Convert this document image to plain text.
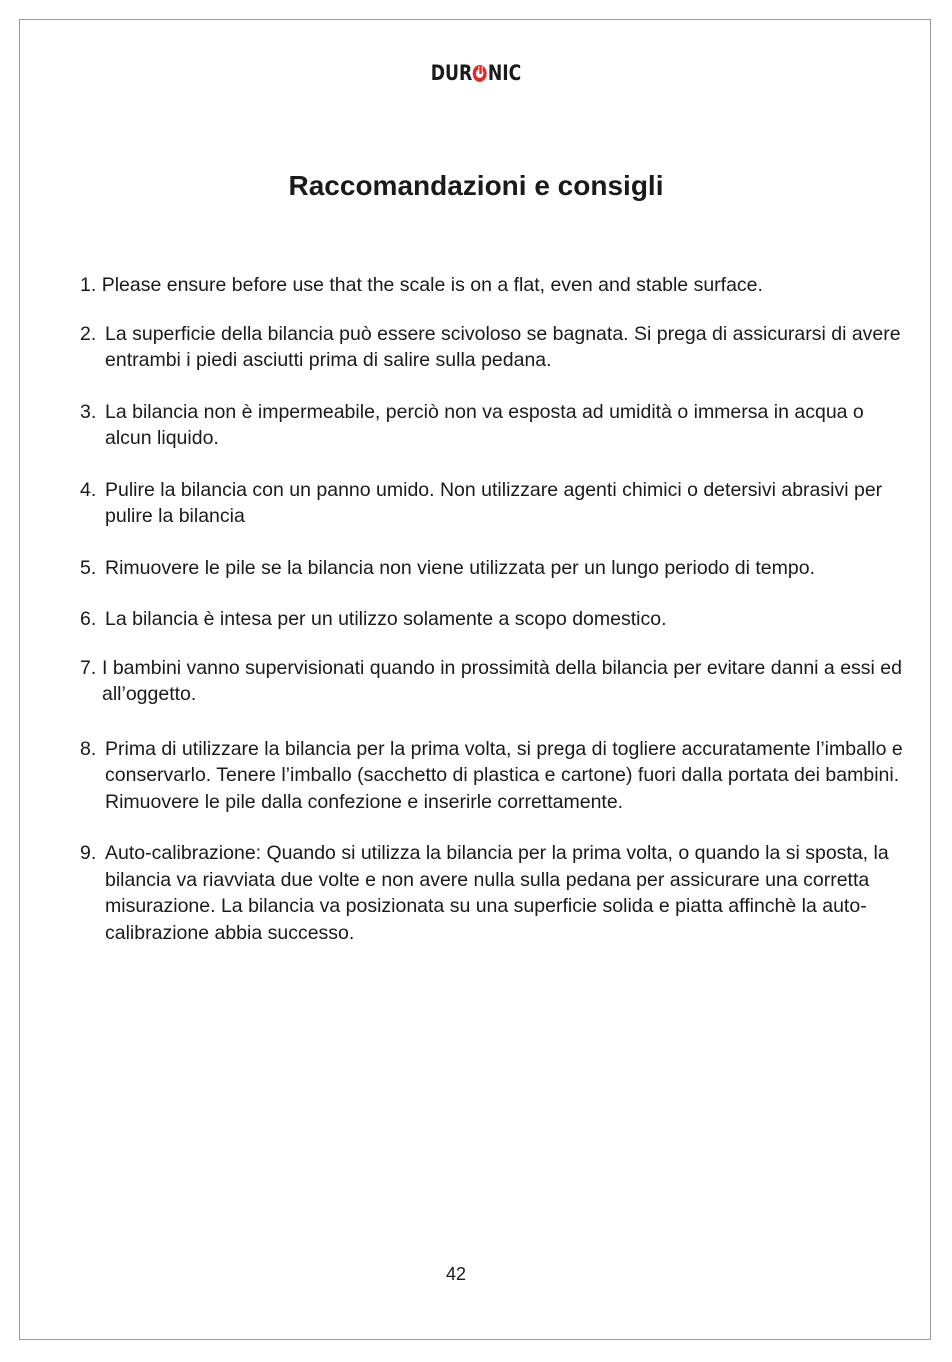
DUR NIC
Raccomandazioni e consigli
1. Please ensure before use that the scale is on a flat, even and stable surface.
2. La superficie della bilancia può essere scivoloso se bagnata. Si prega di assicurarsi di avere entrambi i piedi asciutti prima di salire sulla pedana.
3. La bilancia non è impermeabile, perciò non va esposta ad umidità o immersa in acqua o alcun liquido.
4. Pulire la bilancia con un panno umido. Non utilizzare agenti chimici o detersivi abrasivi per pulire la bilancia
5. Rimuovere le pile se la bilancia non viene utilizzata per un lungo periodo di tempo.
6. La bilancia è intesa per un utilizzo solamente a scopo domestico.
7. I bambini vanno supervisionati quando in prossimità della bilancia per evitare danni a essi ed all’oggetto.
8. Prima di utilizzare la bilancia per la prima volta, si prega di togliere accuratamente l’imballo e conservarlo. Tenere l’imballo (sacchetto di plastica e cartone) fuori dalla portata dei bambini. Rimuovere le pile dalla confezione e inserirle correttamente.
9. Auto-calibrazione: Quando si utilizza la bilancia per la prima volta, o quando la si sposta, la bilancia va riavviata due volte e non avere nulla sulla pedana per assicurare una corretta misurazione. La bilancia va posizionata su una superficie solida e piatta affinchè la auto-calibrazione abbia successo.
42
